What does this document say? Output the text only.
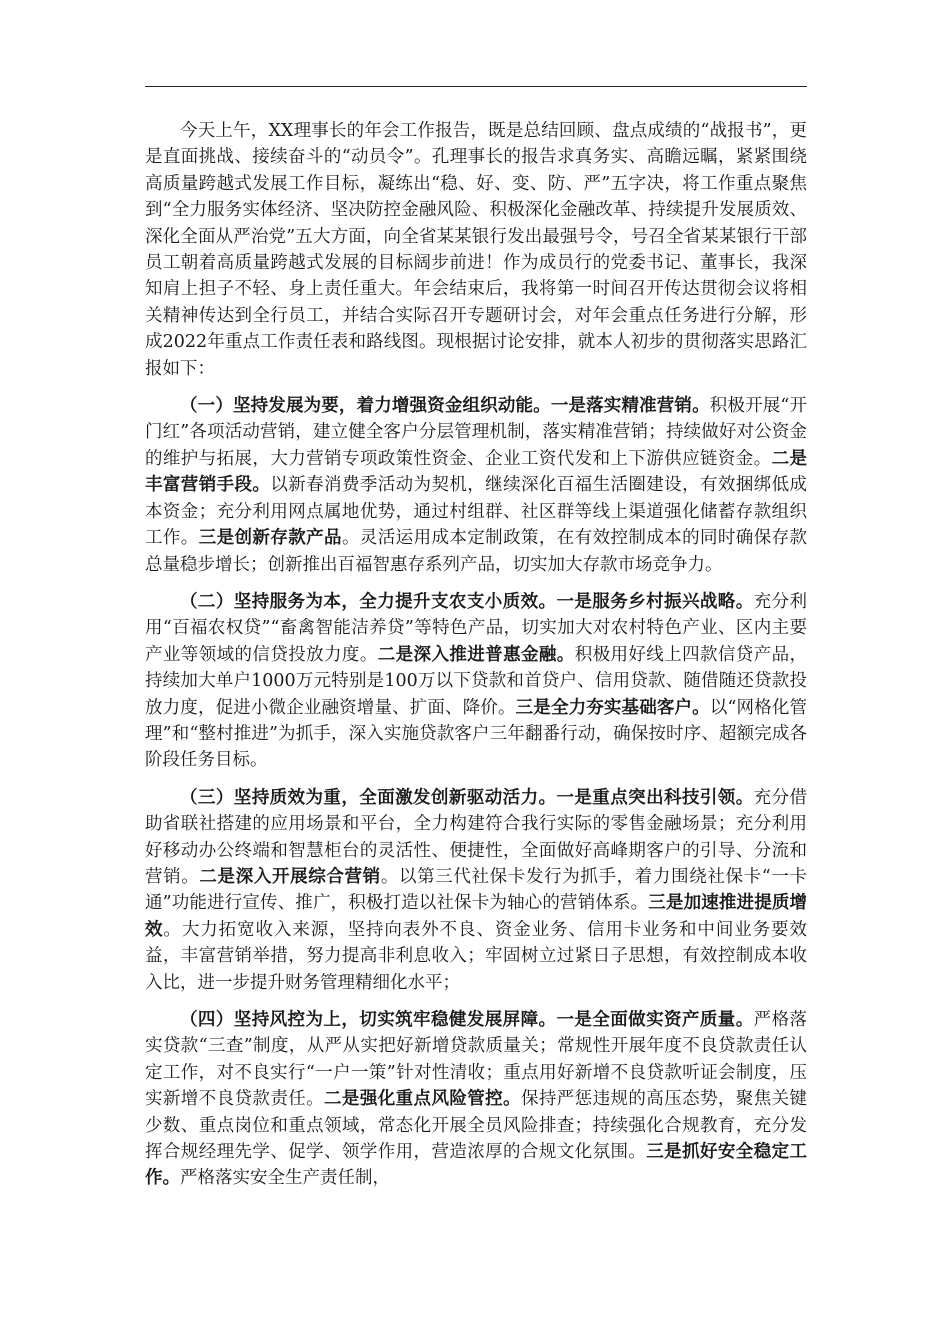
今天上午，XX理事长的年会工作报告，既是总结回顾、盘点成绩的“战报书”，更是直面挑战、接续奋斗的“动员令”。孔理事长的报告求真务实、高瞻远瞩，紧紧围绕高质量跨越式发展工作目标，凝练出“稳、好、变、防、严”五字决，将工作重点聚焦到“全力服务实体经济、坚决防控金融风险、积极深化金融改革、持续提升发展质效、深化全面从严治党”五大方面，向全省某某银行发出最强号令，号召全省某某银行干部员工朝着高质量跨越式发展的目标阔步前进！作为成员行的党委书记、董事长，我深知肩上担子不轻、身上责任重大。年会结束后，我将第一时间召开传达贯彻会议将相关精神传达到全行员工，并结合实际召开专题研讨会，对年会重点任务进行分解，形成2022年重点工作责任表和路线图。现根据讨论安排，就本人初步的贯彻落实思路汇报如下：

（一）坚持发展为要，着力增强资金组织动能。一是落实精准营销。积极开展“开门红”各项活动营销，建立健全客户分层管理机制，落实精准营销；持续做好对公资金的维护与拓展，大力营销专项政策性资金、企业工资代发和上下游供应链资金。二是丰富营销手段。以新春消费季活动为契机，继续深化百福生活圈建设，有效捆绑低成本资金；充分利用网点属地优势，通过村组群、社区群等线上渠道强化储蓄存款组织工作。三是创新存款产品。灵活运用成本定制政策，在有效控制成本的同时确保存款总量稳步增长；创新推出百福智惠存系列产品，切实加大存款市场竞争力。

（二）坚持服务为本，全力提升支农支小质效。一是服务乡村振兴战略。充分利用“百福农权贷”“畜禽智能洁养贷”等特色产品，切实加大对农村特色产业、区内主要产业等领域的信贷投放力度。二是深入推进普惠金融。积极用好线上四款信贷产品，持续加大单户1000万元特别是100万以下贷款和首贷户、信用贷款、随借随还贷款投放力度，促进小微企业融资增量、扩面、降价。三是全力夯实基础客户。以“网格化管理”和“整村推进”为抓手，深入实施贷款客户三年翻番行动，确保按时序、超额完成各阶段任务目标。

（三）坚持质效为重，全面激发创新驱动活力。一是重点突出科技引领。充分借助省联社搭建的应用场景和平台，全力构建符合我行实际的零售金融场景；充分利用好移动办公终端和智慧柜台的灵活性、便捷性，全面做好高峰期客户的引导、分流和营销。二是深入开展综合营销。以第三代社保卡发行为抓手，着力围绕社保卡“一卡通”功能进行宣传、推广，积极打造以社保卡为轴心的营销体系。三是加速推进提质增效。大力拓宽收入来源，坚持向表外不良、资金业务、信用卡业务和中间业务要效益，丰富营销举措，努力提高非利息收入；牢固树立过紧日子思想，有效控制成本收入比，进一步提升财务管理精细化水平；

（四）坚持风控为上，切实筑牢稳健发展屏障。一是全面做实资产质量。严格落实贷款“三查”制度，从严从实把好新增贷款质量关；常规性开展年度不良贷款责任认定工作，对不良实行“一户一策”针对性清收；重点用好新增不良贷款听证会制度，压实新增不良贷款责任。二是强化重点风险管控。保持严惩违规的高压态势，聚焦关键少数、重点岗位和重点领域，常态化开展全员风险排查；持续强化合规教育，充分发挥合规经理先学、促学、领学作用，营造浓厚的合规文化氛围。三是抓好安全稳定工作。严格落实安全生产责任制，
